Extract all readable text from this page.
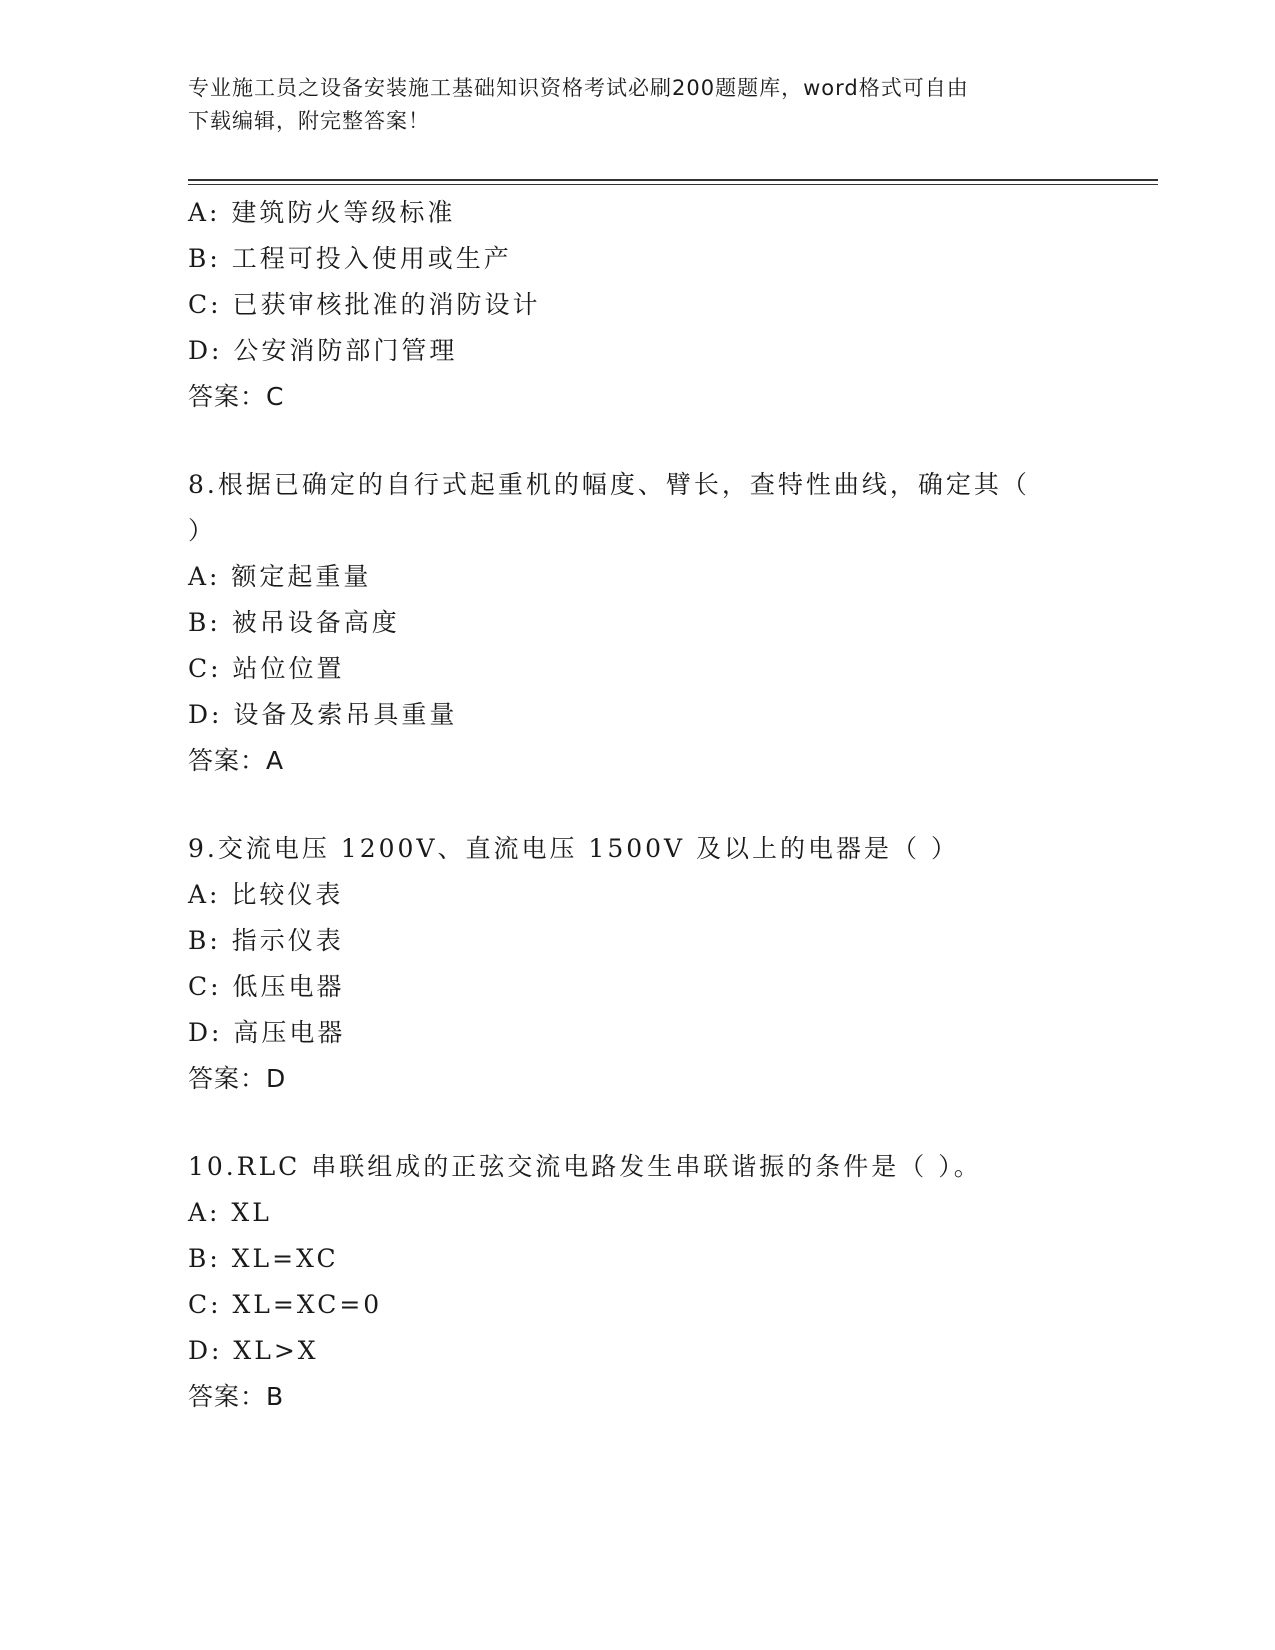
专业施工员之设备安装施工基础知识资格考试必刷200题题库，word格式可自由
下载编辑，附完整答案！
A: 建筑防火等级标准
B: 工程可投入使用或生产
C: 已获审核批准的消防设计
D: 公安消防部门管理
答案：C
8.根据已确定的自行式起重机的幅度、臂长，查特性曲线，确定其（
）
A: 额定起重量
B: 被吊设备高度
C: 站位位置
D: 设备及索吊具重量
答案：A
9.交流电压 1200V、直流电压 1500V 及以上的电器是（ ）
A: 比较仪表
B: 指示仪表
C: 低压电器
D: 高压电器
答案：D
10.RLC 串联组成的正弦交流电路发生串联谐振的条件是（ ）。
A: XL
B: XL=XC
C: XL=XC=0
D: XL>X
答案：B
